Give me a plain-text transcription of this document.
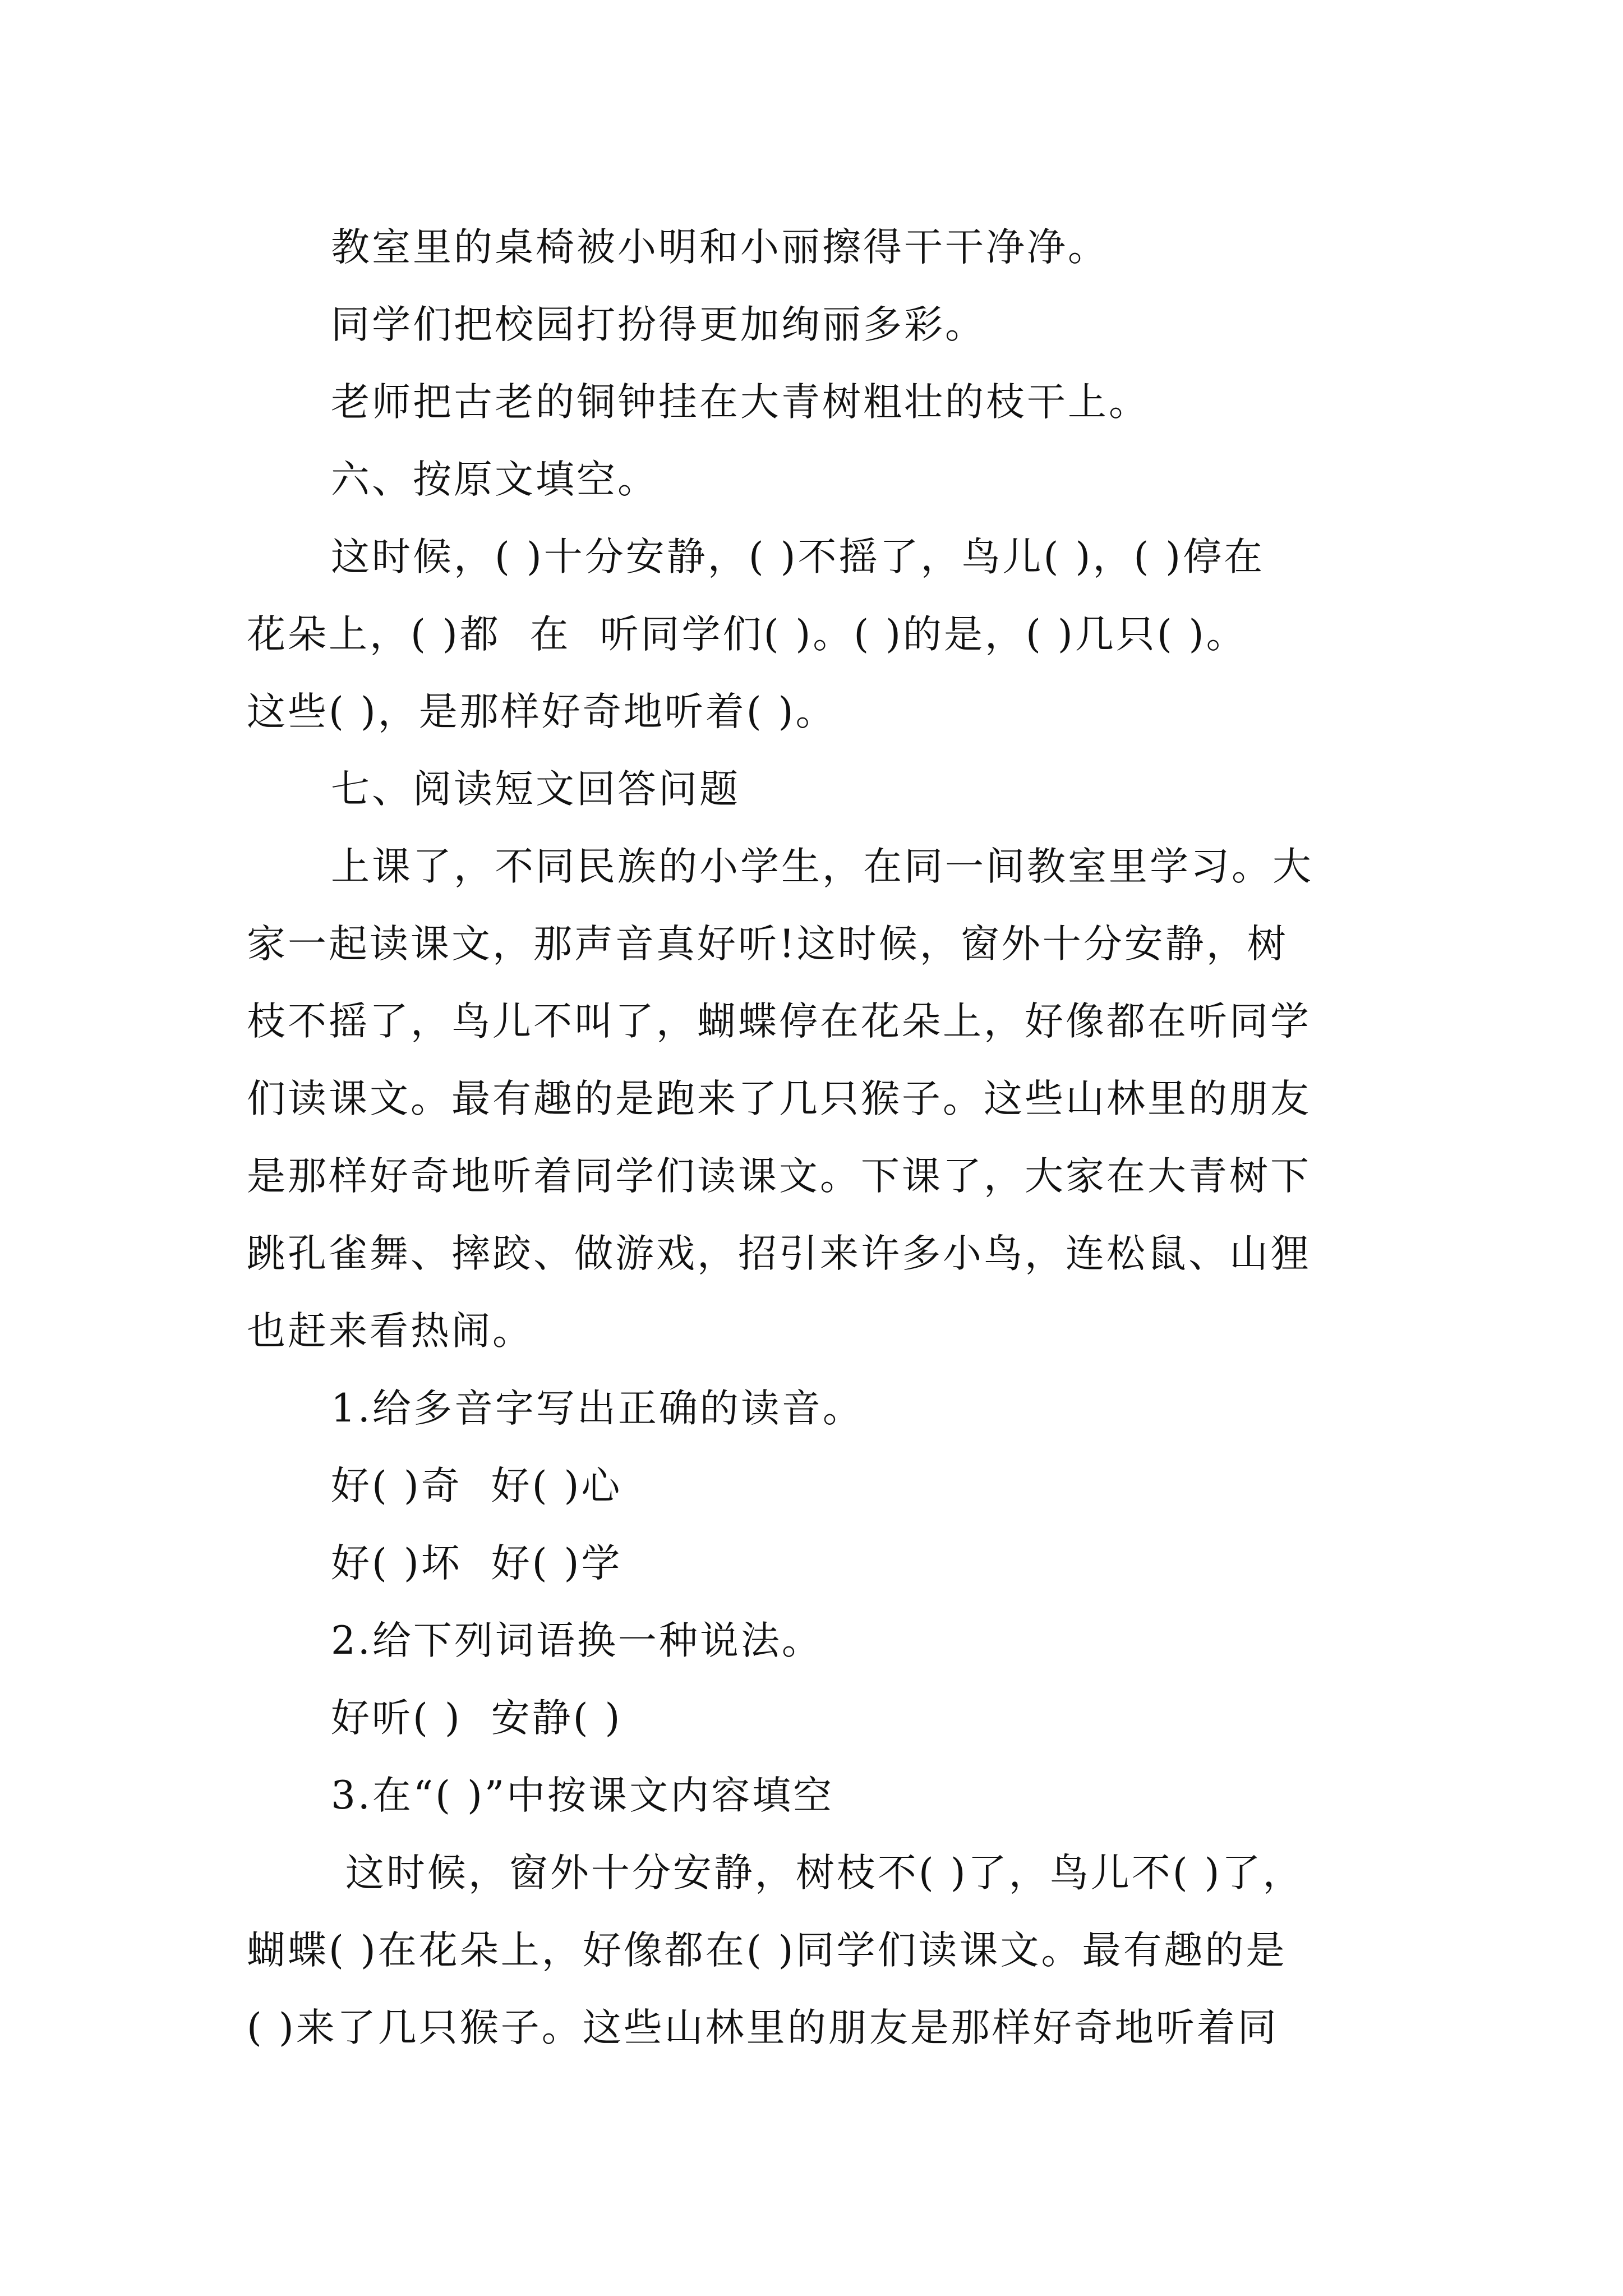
教室里的桌椅被小明和小丽擦得干干净净。
同学们把校园打扮得更加绚丽多彩。
老师把古老的铜钟挂在大青树粗壮的枝干上。
六、按原文填空。
这时候，( )十分安静，( )不摇了，鸟儿( )，( )停在
花朵上，( )都  在  听同学们( )。( )的是，( )几只( )。
这些( )，是那样好奇地听着( )。
七、阅读短文回答问题
上课了，不同民族的小学生，在同一间教室里学习。大
家一起读课文，那声音真好听!这时候，窗外十分安静，树
枝不摇了，鸟儿不叫了，蝴蝶停在花朵上，好像都在听同学
们读课文。最有趣的是跑来了几只猴子。这些山林里的朋友
是那样好奇地听着同学们读课文。下课了，大家在大青树下
跳孔雀舞、摔跤、做游戏，招引来许多小鸟，连松鼠、山狸
也赶来看热闹。
1.给多音字写出正确的读音。
好( )奇  好( )心
好( )坏  好( )学
2.给下列词语换一种说法。
好听( )  安静( )
3.在“( )”中按课文内容填空
这时候，窗外十分安静，树枝不( )了，鸟儿不( )了，
蝴蝶( )在花朵上，好像都在( )同学们读课文。最有趣的是
( )来了几只猴子。这些山林里的朋友是那样好奇地听着同
